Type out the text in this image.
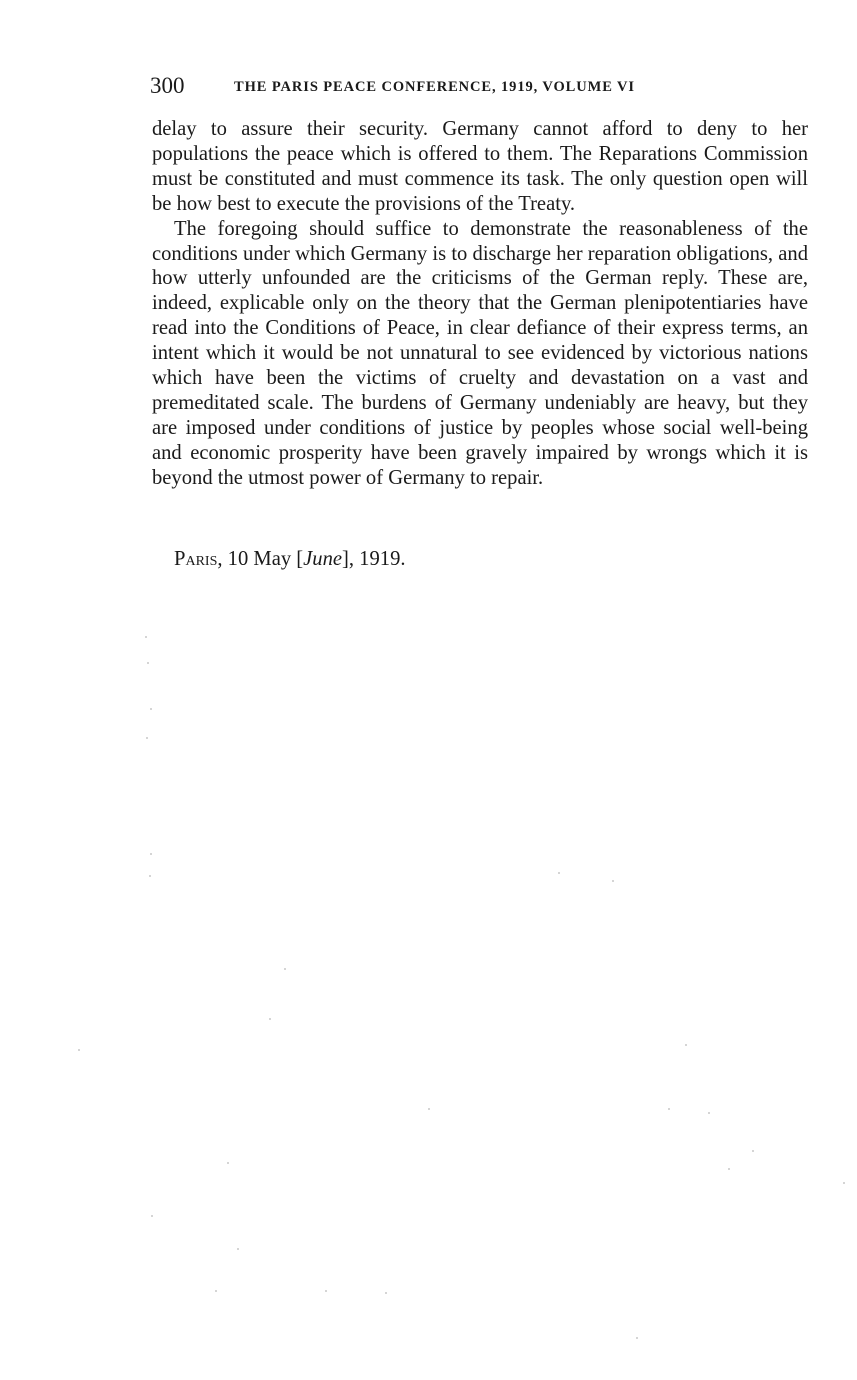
300	THE PARIS PEACE CONFERENCE, 1919, VOLUME VI

delay to assure their security. Germany cannot afford to deny to her populations the peace which is offered to them. The Reparations Commission must be constituted and must commence its task. The only question open will be how best to execute the provisions of the Treaty.

The foregoing should suffice to demonstrate the reasonableness of the conditions under which Germany is to discharge her reparation obligations, and how utterly unfounded are the criticisms of the German reply. These are, indeed, explicable only on the theory that the German plenipotentiaries have read into the Conditions of Peace, in clear defiance of their express terms, an intent which it would be not unnatural to see evidenced by victorious nations which have been the victims of cruelty and devastation on a vast and premeditated scale. The burdens of Germany undeniably are heavy, but they are imposed under conditions of justice by peoples whose social well-being and economic prosperity have been gravely impaired by wrongs which it is beyond the utmost power of Germany to repair.

Paris, 10 May [June], 1919.
